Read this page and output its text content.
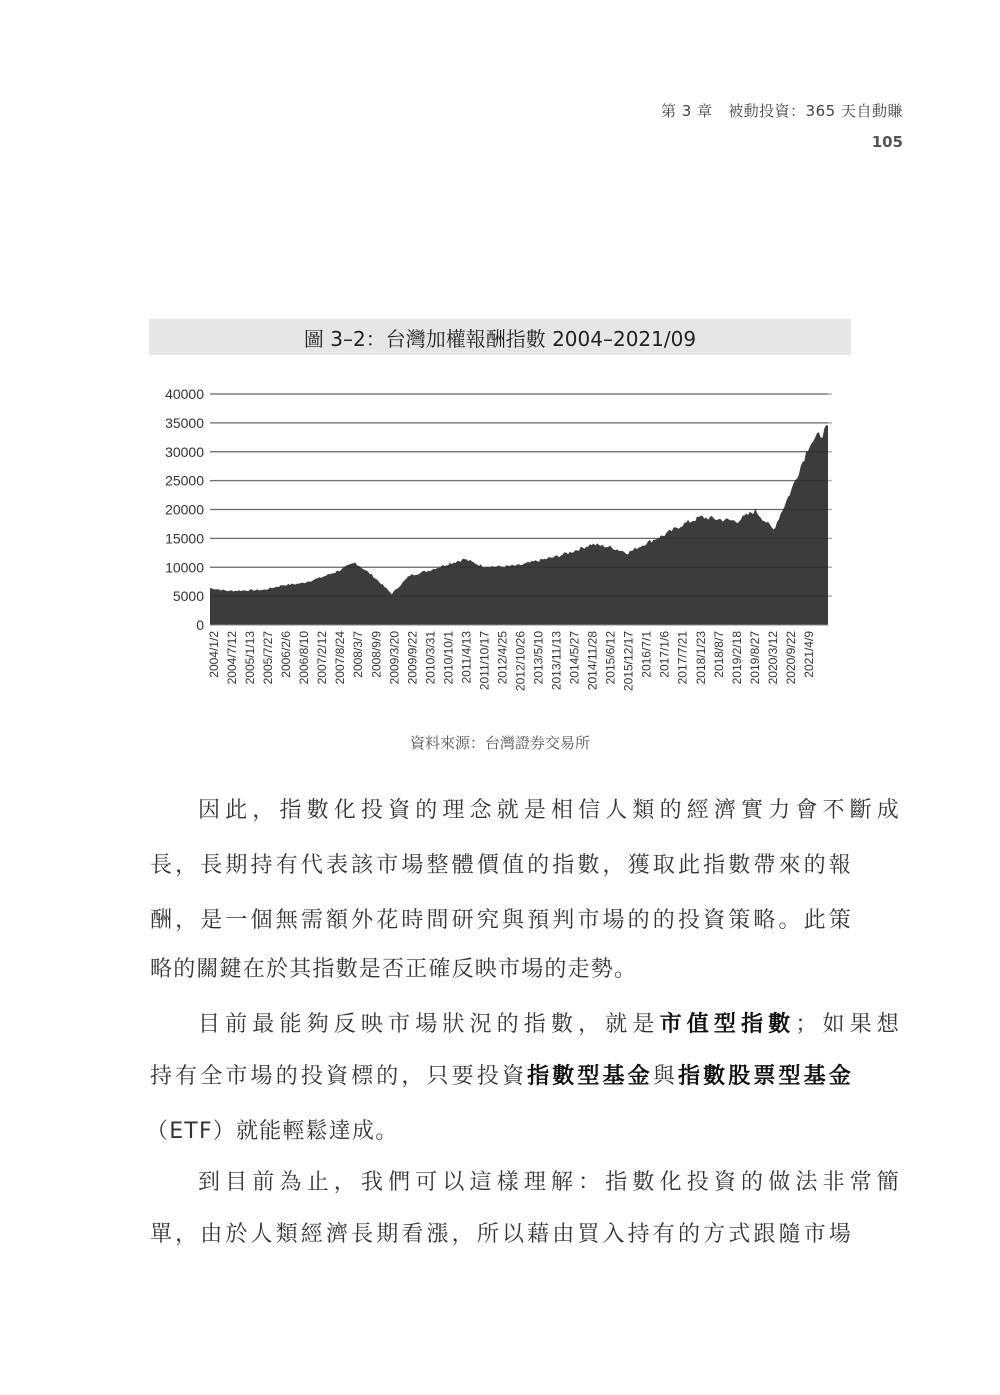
第 3 章　被動投資：365 天自動賺
105
圖 3–2：台灣加權報酬指數 2004–2021/09
0
5000
10000
15000
20000
25000
30000
35000
40000
2004/1/2 2004/7/12 2005/1/13 2005/7/27 2006/2/6 2006/8/10 2007/2/12 2007/8/24 2008/3/7 2008/9/9 2009/3/20 2009/9/22 2010/3/31 2010/10/1 2011/4/13 2011/10/17 2012/4/25 2012/10/26 2013/5/10 2013/11/13 2014/5/27 2014/11/28 2015/6/12 2015/12/17 2016/7/1 2017/1/6 2017/7/21 2018/1/23 2018/8/7 2019/2/18 2019/8/27 2020/3/12 2020/9/22 2021/4/9
資料來源：台灣證券交易所
因此，指數化投資的理念就是相信人類的經濟實力會不斷成
長，長期持有代表該市場整體價值的指數，獲取此指數帶來的報
酬，是一個無需額外花時間研究與預判市場的的投資策略。此策
略的關鍵在於其指數是否正確反映市場的走勢。
目前最能夠反映市場狀況的指數，就是市值型指數；如果想
持有全市場的投資標的，只要投資指數型基金與指數股票型基金
（ETF）就能輕鬆達成。
到目前為止，我們可以這樣理解：指數化投資的做法非常簡
單，由於人類經濟長期看漲，所以藉由買入持有的方式跟隨市場
